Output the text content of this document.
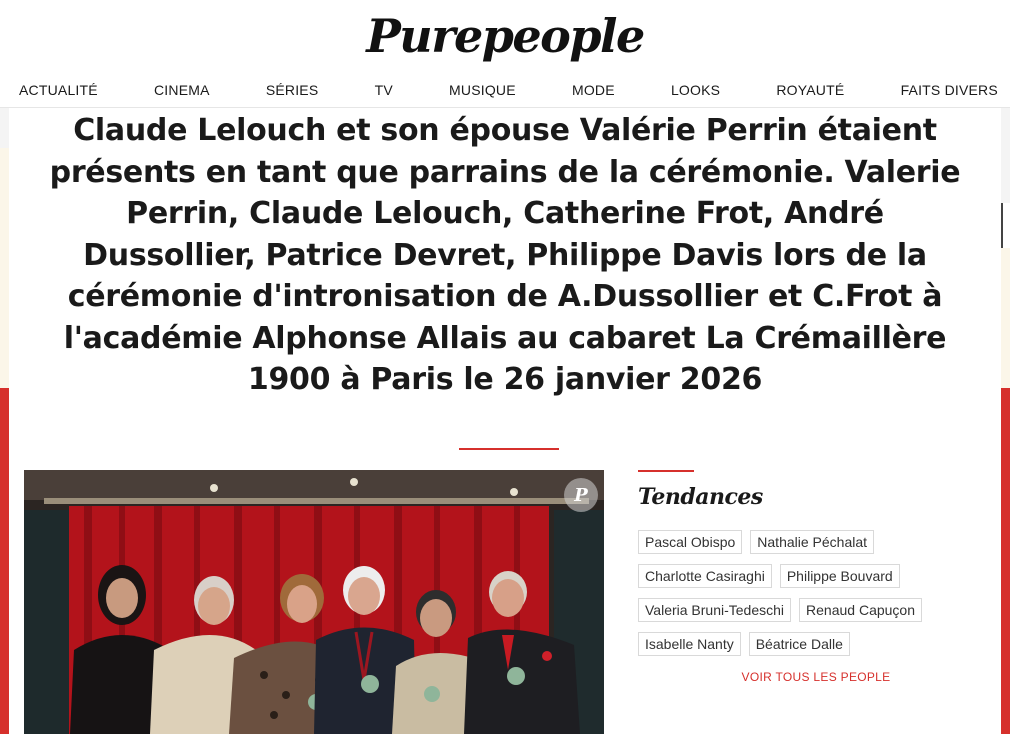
Purepeople
ACTUALITÉ	CINEMA	SÉRIES	TV	MUSIQUE	MODE	LOOKS	ROYAUTÉ	FAITS DIVERS
Claude Lelouch et son épouse Valérie Perrin étaient présents en tant que parrains de la cérémonie. Valerie Perrin, Claude Lelouch, Catherine Frot, André Dussollier, Patrice Devret, Philippe Davis lors de la cérémonie d'intronisation de A.Dussollier et C.Frot à l'académie Alphonse Allais au cabaret La Crémaillère 1900 à Paris le 26 janvier 2026
P	Tendances
Pascal Obispo	Nathalie Péchalat
Charlotte Casiraghi	Philippe Bouvard
Valeria Bruni-Tedeschi	Renaud Capuçon
Isabelle Nanty	Béatrice Dalle
VOIR TOUS LES PEOPLE
